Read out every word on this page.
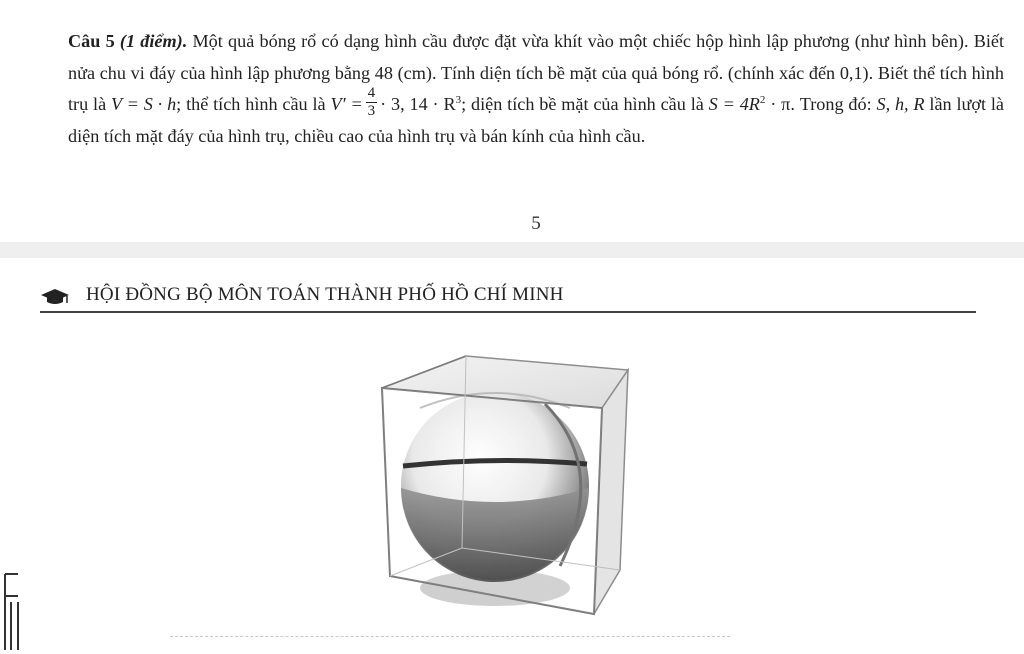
Câu 5 (1 điểm). Một quả bóng rổ có dạng hình cầu được đặt vừa khít vào một chiếc hộp hình lập phương (như hình bên). Biết nửa chu vi đáy của hình lập phương bằng 48 (cm). Tính diện tích bề mặt của quả bóng rổ. (chính xác đến 0,1). Biết thể tích hình trụ là V = S · h; thể tích hình cầu là $V' = \frac{4}{3} \cdot 3$, $14 \cdot R^3$; diện tích bề mặt của hình cầu là $S = 4R^2 \cdot \pi$. Trong đó: S, h, R lần lượt là diện tích mặt đáy của hình trụ, chiều cao của hình trụ và bán kính của hình cầu.
5
HỘI ĐỒNG BỘ MÔN TOÁN THÀNH PHỐ HỒ CHÍ MINH
